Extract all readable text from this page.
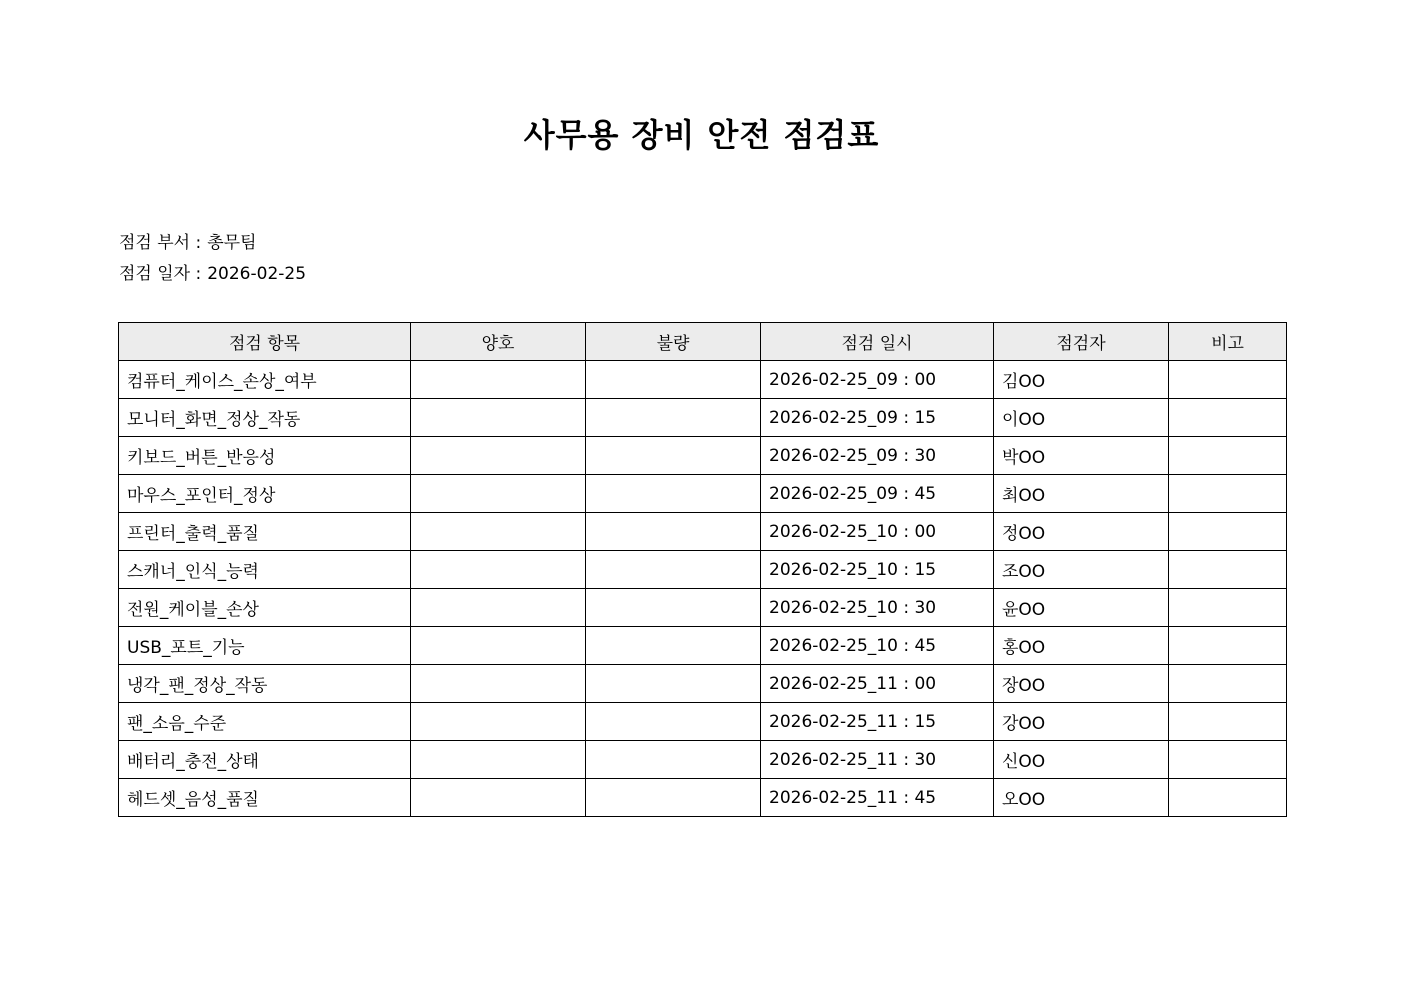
사무용 장비 안전 점검표
점검 부서 : 총무팀
점검 일자 : 2026-02-25
점검 항목	양호	불량	점검 일시	점검자	비고
컴퓨터_케이스_손상_여부			2026-02-25_09 : 00	김OO	
모니터_화면_정상_작동			2026-02-25_09 : 15	이OO	
키보드_버튼_반응성			2026-02-25_09 : 30	박OO	
마우스_포인터_정상			2026-02-25_09 : 45	최OO	
프린터_출력_품질			2026-02-25_10 : 00	정OO	
스캐너_인식_능력			2026-02-25_10 : 15	조OO	
전원_케이블_손상			2026-02-25_10 : 30	윤OO	
USB_포트_기능			2026-02-25_10 : 45	홍OO	
냉각_팬_정상_작동			2026-02-25_11 : 00	장OO	
팬_소음_수준			2026-02-25_11 : 15	강OO	
배터리_충전_상태			2026-02-25_11 : 30	신OO	
헤드셋_음성_품질			2026-02-25_11 : 45	오OO	
